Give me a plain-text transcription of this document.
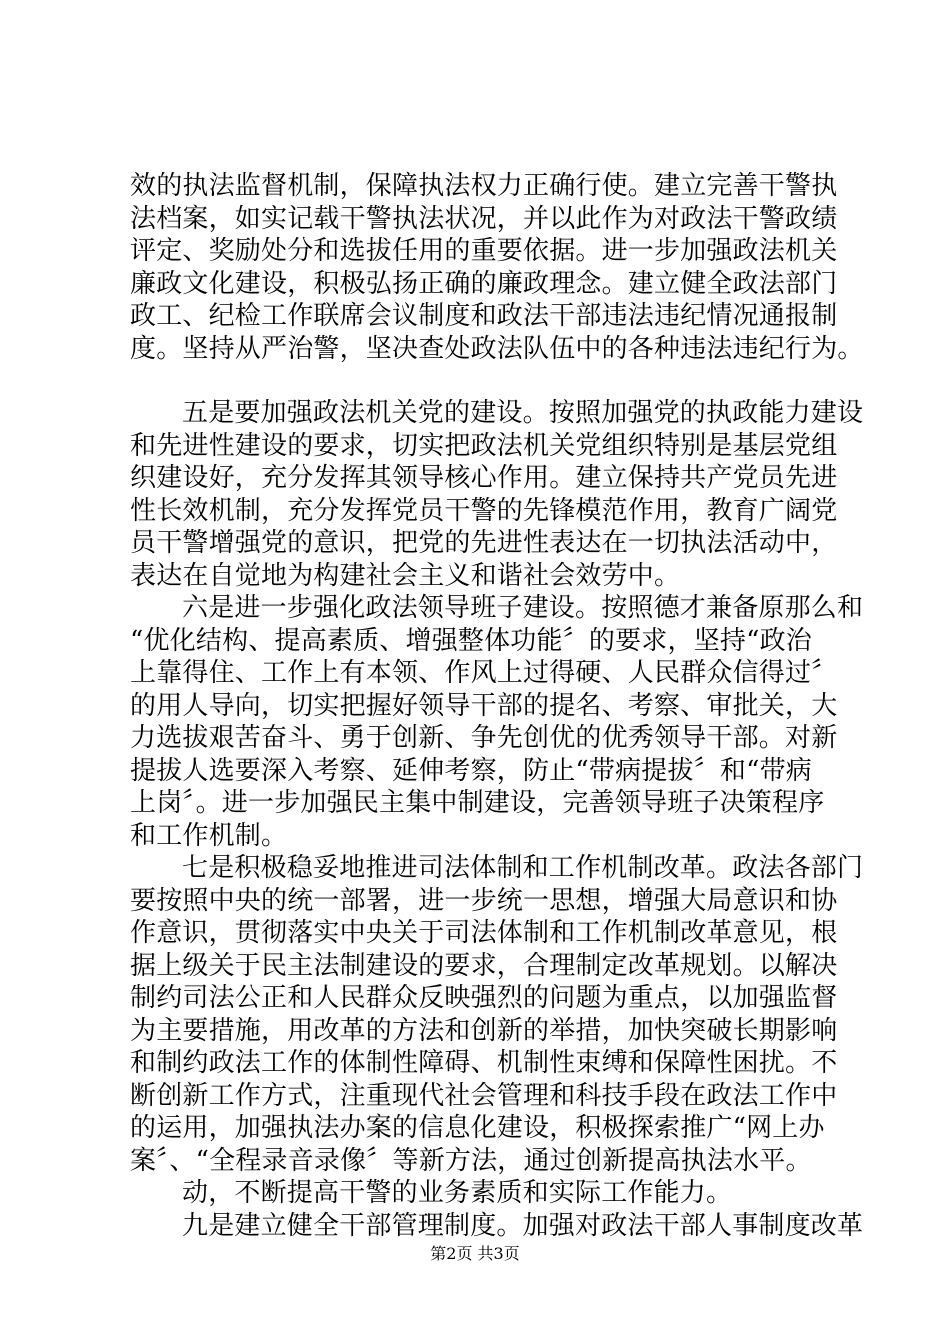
效的执法监督机制，保障执法权力正确行使。建立完善干警执
法档案，如实记载干警执法状况，并以此作为对政法干警政绩
评定、奖励处分和选拔任用的重要依据。进一步加强政法机关
廉政文化建设，积极弘扬正确的廉政理念。建立健全政法部门
政工、纪检工作联席会议制度和政法干部违法违纪情况通报制
度。坚持从严治警，坚决查处政法队伍中的各种违法违纪行为。
五是要加强政法机关党的建设。按照加强党的执政能力建设
和先进性建设的要求，切实把政法机关党组织特别是基层党组
织建设好，充分发挥其领导核心作用。建立保持共产党员先进
性长效机制，充分发挥党员干警的先锋模范作用，教育广阔党
员干警增强党的意识，把党的先进性表达在一切执法活动中，
表达在自觉地为构建社会主义和谐社会效劳中。
六是进一步强化政法领导班子建设。按照德才兼备原那么和
“优化结构、提高素质、增强整体功能〞的要求，坚持“政治
上靠得住、工作上有本领、作风上过得硬、人民群众信得过〞
的用人导向，切实把握好领导干部的提名、考察、审批关，大
力选拔艰苦奋斗、勇于创新、争先创优的优秀领导干部。对新
提拔人选要深入考察、延伸考察，防止“带病提拔〞和“带病
上岗〞。进一步加强民主集中制建设，完善领导班子决策程序
和工作机制。
七是积极稳妥地推进司法体制和工作机制改革。政法各部门
要按照中央的统一部署，进一步统一思想，增强大局意识和协
作意识，贯彻落实中央关于司法体制和工作机制改革意见，根
据上级关于民主法制建设的要求，合理制定改革规划。以解决
制约司法公正和人民群众反映强烈的问题为重点，以加强监督
为主要措施，用改革的方法和创新的举措，加快突破长期影响
和制约政法工作的体制性障碍、机制性束缚和保障性困扰。不
断创新工作方式，注重现代社会管理和科技手段在政法工作中
的运用，加强执法办案的信息化建设，积极探索推广“网上办
案〞、“全程录音录像〞等新方法，通过创新提高执法水平。
动，不断提高干警的业务素质和实际工作能力。
九是建立健全干部管理制度。加强对政法干部人事制度改革
第2页 共3页
